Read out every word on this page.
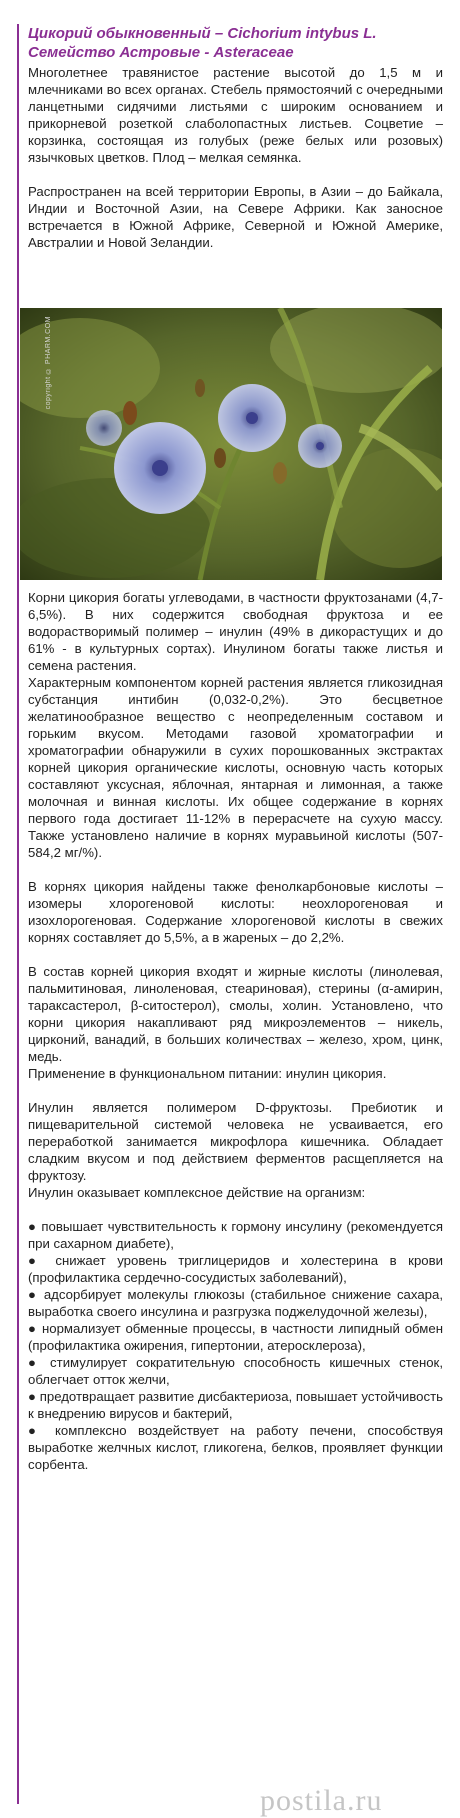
Цикорий обыкновенный – Cichorium intybus L.
Семейство Астровые - Asteraceae

Многолетнее травянистое растение высотой до 1,5 м и млечниками во всех органах. Стебель прямостоячий с очередными ланцетными сидячими листьями с широким основанием и прикорневой розеткой слаболопастных листьев. Соцветие – корзинка, состоящая из голубых (реже белых или розовых) язычковых цветков. Плод – мелкая семянка.

Распространен на всей территории Европы, в Азии – до Байкала, Индии и Восточной Азии, на Севере Африки. Как заносное встречается в Южной Африке, Северной и Южной Америке, Австралии и Новой Зеландии.

copyright © PHARM.COM

Корни цикория богаты углеводами, в частности фруктозанами (4,7-6,5%). В них содержится свободная фруктоза и ее водорастворимый полимер – инулин (49% в дикорастущих и до 61% - в культурных сортах). Инулином богаты также листья и семена растения.

Характерным компонентом корней растения является гликозидная субстанция интибин (0,032-0,2%). Это бесцветное желатинообразное вещество с неопределенным составом и горьким вкусом. Методами газовой хроматографии и хроматографии обнаружили в сухих порошкованных экстрактах корней цикория органические кислоты, основную часть которых составляют уксусная, яблочная, янтарная и лимонная, а также молочная и винная кислоты. Их общее содержание в корнях первого года достигает 11-12% в перерасчете на сухую массу. Также установлено наличие в корнях муравьиной кислоты (507-584,2 мг/%).

В корнях цикория найдены также фенолкарбоновые кислоты – изомеры хлорогеновой кислоты: неохлорогеновая и изохлорогеновая. Содержание хлорогеновой кислоты в свежих корнях составляет до 5,5%, а в жареных – до 2,2%.

В состав корней цикория входят и жирные кислоты (линолевая, пальмитиновая, линоленовая, стеариновая), стерины (α-амирин, тараксастерол, β-ситостерол), смолы, холин. Установлено, что корни цикория накапливают ряд микроэлементов – никель, цирконий, ванадий, в больших количествах – железо, хром, цинк, медь.

Применение в функциональном питании: инулин цикория.

Инулин является полимером D-фруктозы. Пребиотик и пищеварительной системой человека не усваивается, его переработкой занимается микрофлора кишечника. Обладает сладким вкусом и под действием ферментов расщепляется на фруктозу.

Инулин оказывает комплексное действие на организм:

● повышает чувствительность к гормону инсулину (рекомендуется при сахарном диабете),

● снижает уровень триглицеридов и холестерина в крови (профилактика сердечно-сосудистых заболеваний),

● адсорбирует молекулы глюкозы (стабильное снижение сахара, выработка своего инсулина и разгрузка поджелудочной железы),

● нормализует обменные процессы, в частности липидный обмен (профилактика ожирения, гипертонии, атеросклероза),

● стимулирует сократительную способность кишечных стенок, облегчает отток желчи,

● предотвращает развитие дисбактериоза, повышает устойчивость к внедрению вирусов и бактерий,

● комплексно воздействует на работу печени, способствуя выработке желчных кислот, гликогена, белков, проявляет функции сорбента.

postila.ru
